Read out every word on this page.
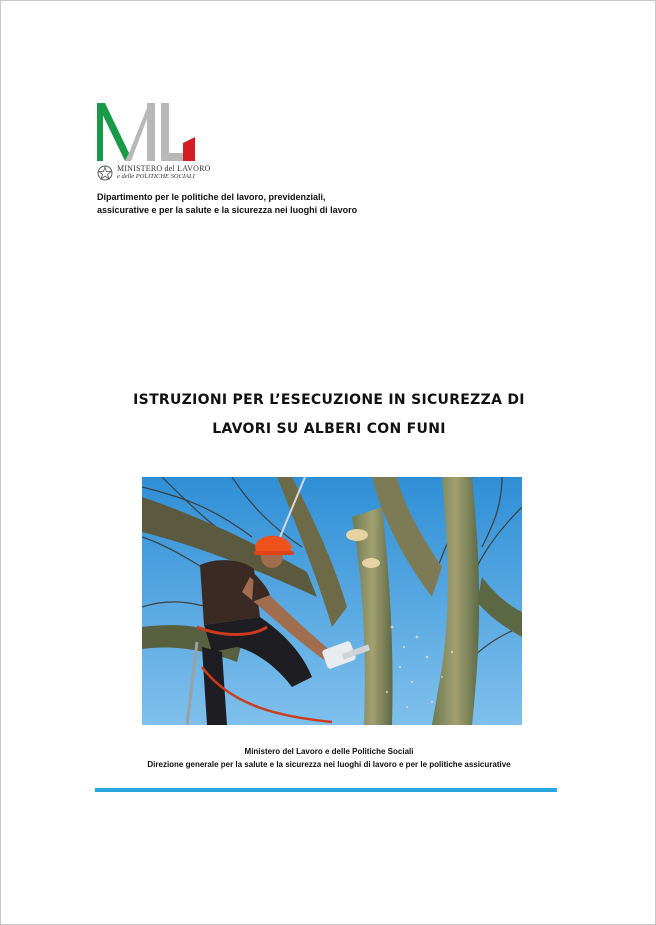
MINISTERO del LAVORO
e delle POLITICHE SOCIALI
Dipartimento per le politiche del lavoro, previdenziali,
assicurative e per la salute e la sicurezza nei luoghi di lavoro
ISTRUZIONI PER L’ESECUZIONE IN SICUREZZA DI
LAVORI SU ALBERI CON FUNI
Ministero del Lavoro e delle Politiche Sociali
Direzione generale per la salute e la sicurezza nei luoghi di lavoro e per le politiche assicurative
